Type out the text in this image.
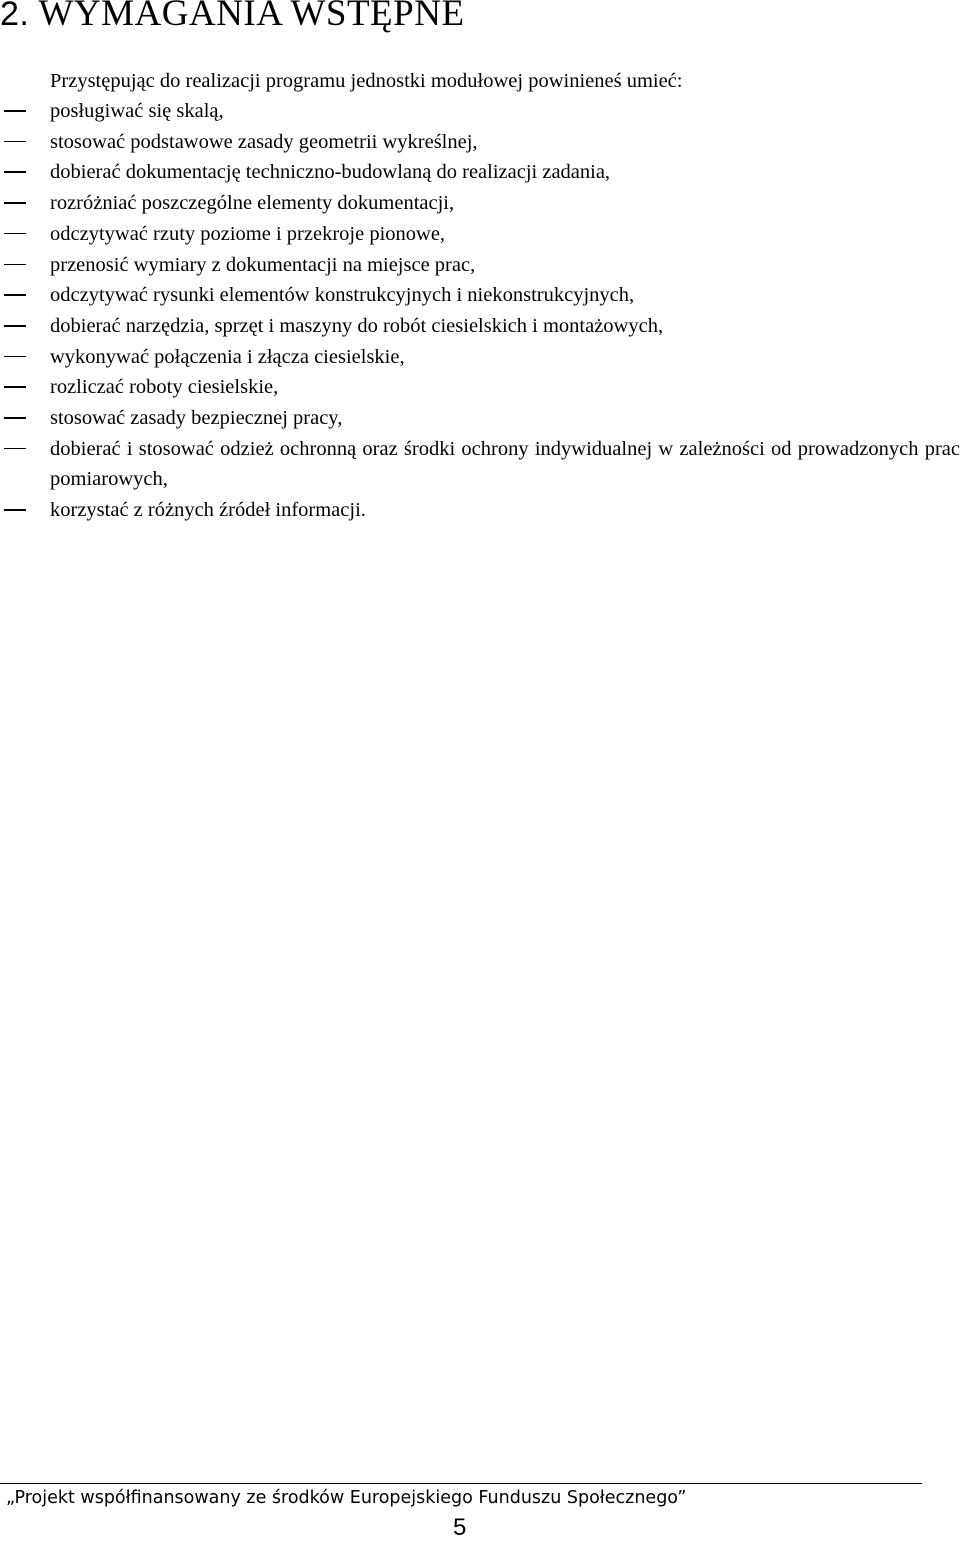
2. WYMAGANIA WSTĘPNE

Przystępując do realizacji programu jednostki modułowej powinieneś umieć:

posługiwać się skalą,
stosować podstawowe zasady geometrii wykreślnej,
dobierać dokumentację techniczno-budowlaną do realizacji zadania,
rozróżniać poszczególne elementy dokumentacji,
odczytywać rzuty poziome i przekroje pionowe,
przenosić wymiary z dokumentacji na miejsce prac,
odczytywać rysunki elementów konstrukcyjnych i niekonstrukcyjnych,
dobierać narzędzia, sprzęt i maszyny do robót ciesielskich i montażowych,
wykonywać połączenia i złącza ciesielskie,
rozliczać roboty ciesielskie,
stosować zasady bezpiecznej pracy,
dobierać i stosować odzież ochronną oraz środki ochrony indywidualnej w zależności od prowadzonych prac pomiarowych,
korzystać z różnych źródeł informacji.

„Projekt współfinansowany ze środków Europejskiego Funduszu Społecznego”

5
